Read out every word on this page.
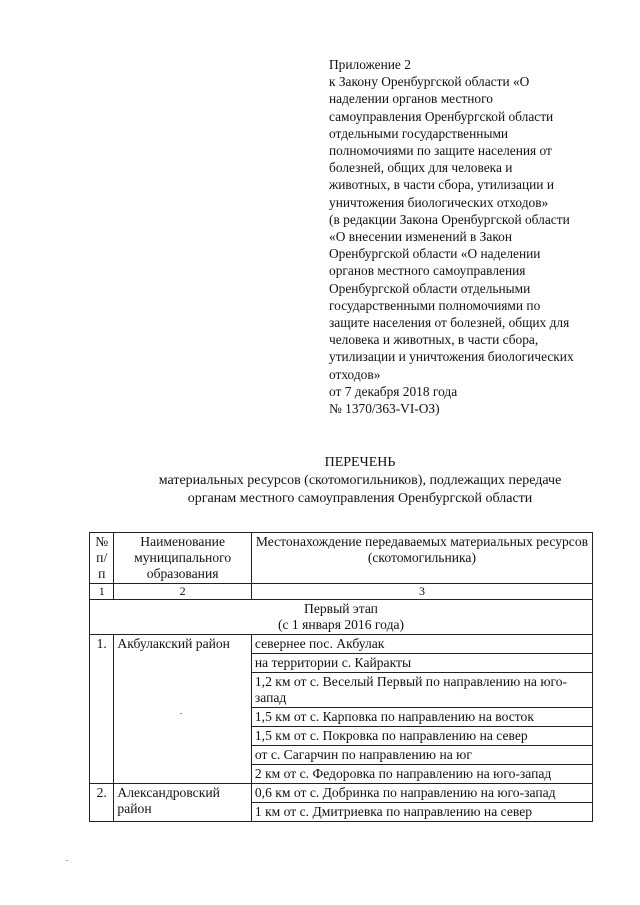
Приложение 2
к Закону Оренбургской области «О
наделении органов местного
самоуправления Оренбургской области
отдельными государственными
полномочиями по защите населения от
болезней, общих для человека и
животных, в части сбора, утилизации и
уничтожения биологических отходов»
(в редакции Закона Оренбургской области
«О внесении изменений в Закон
Оренбургской области «О наделении
органов местного самоуправления
Оренбургской области отдельными
государственными полномочиями по
защите населения от болезней, общих для
человека и животных, в части сбора,
утилизации и уничтожения биологических
отходов»
от 7 декабря 2018 года
№ 1370/363-VI-ОЗ)
ПЕРЕЧЕНЬ
материальных ресурсов (скотомогильников), подлежащих передаче
органам местного самоуправления Оренбургской области
№ п/п	Наименование муниципального образования	Местонахождение передаваемых материальных ресурсов (скотомогильника)
1	2	3

Первый этап
(с 1 января 2016 года)		

1.	Акбулакский район	севернее пос. Акбулак
		на территории с. Кайракты
		1,2 км от с. Веселый Первый по направлению на юго-запад
		1,5 км от с. Карповка по направлению на восток
		1,5 км от с. Покровка по направлению на север
		от с. Сагарчин по направлению на юг
		2 км от с. Федоровка по направлению на юго-запад
2.	Александровский район	0,6 км от с. Добринка по направлению на юго-запад
		1 км от с. Дмитриевка по направлению на север
